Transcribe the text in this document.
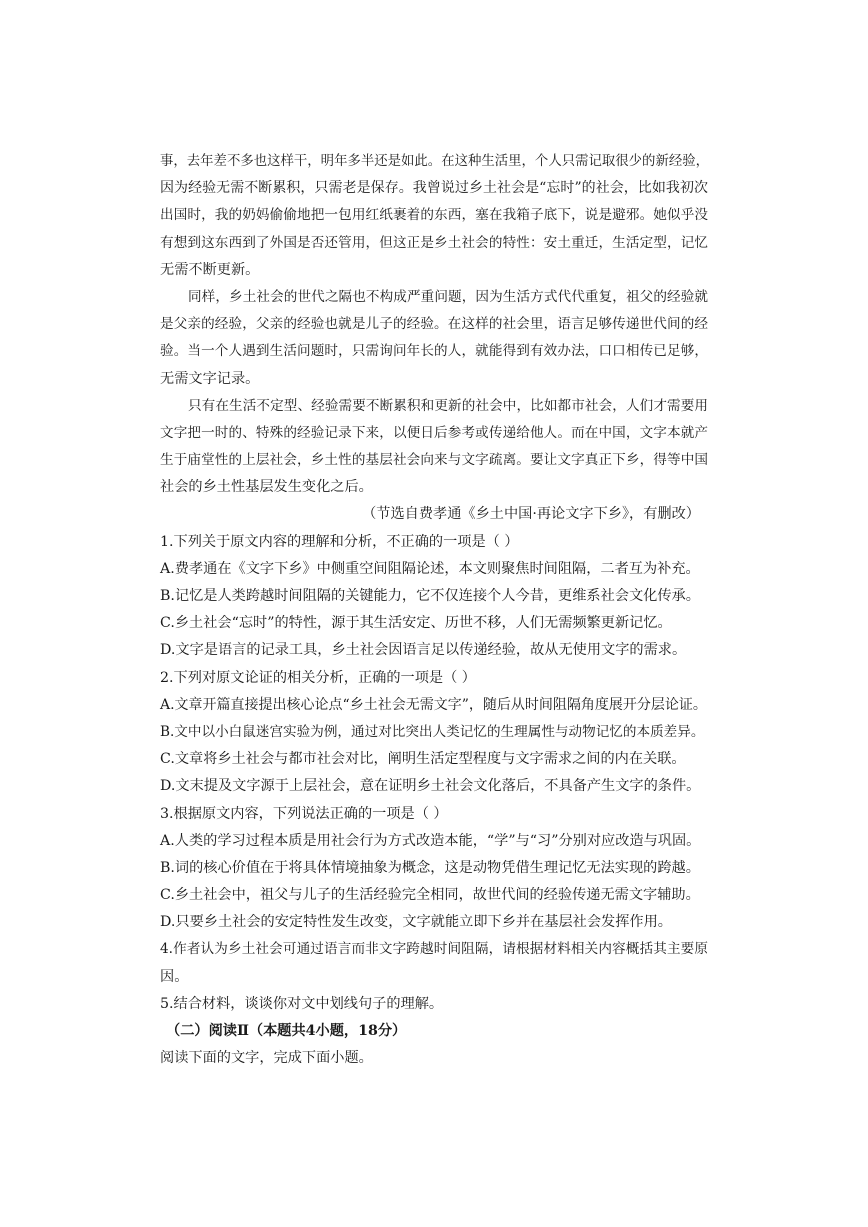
事，去年差不多也这样干，明年多半还是如此。在这种生活里，个人只需记取很少的新经验，
因为经验无需不断累积，只需老是保存。我曾说过乡土社会是“忘时”的社会，比如我初次
出国时，我的奶妈偷偷地把一包用红纸裹着的东西，塞在我箱子底下，说是避邪。她似乎没
有想到这东西到了外国是否还管用，但这正是乡土社会的特性：安土重迁，生活定型，记忆
无需不断更新。
同样，乡土社会的世代之隔也不构成严重问题，因为生活方式代代重复，祖父的经验就
是父亲的经验，父亲的经验也就是儿子的经验。在这样的社会里，语言足够传递世代间的经
验。当一个人遇到生活问题时，只需询问年长的人，就能得到有效办法，口口相传已足够，
无需文字记录。
只有在生活不定型、经验需要不断累积和更新的社会中，比如都市社会，人们才需要用
文字把一时的、特殊的经验记录下来，以便日后参考或传递给他人。而在中国，文字本就产
生于庙堂性的上层社会，乡土性的基层社会向来与文字疏离。要让文字真正下乡，得等中国
社会的乡土性基层发生变化之后。
（节选自费孝通《乡土中国·再论文字下乡》，有删改）
1.下列关于原文内容的理解和分析，不正确的一项是（ ）
A.费孝通在《文字下乡》中侧重空间阻隔论述，本文则聚焦时间阻隔，二者互为补充。
B.记忆是人类跨越时间阻隔的关键能力，它不仅连接个人今昔，更维系社会文化传承。
C.乡土社会“忘时”的特性，源于其生活安定、历世不移，人们无需频繁更新记忆。
D.文字是语言的记录工具，乡土社会因语言足以传递经验，故从无使用文字的需求。
2.下列对原文论证的相关分析，正确的一项是（ ）
A.文章开篇直接提出核心论点“乡土社会无需文字”，随后从时间阻隔角度展开分层论证。
B.文中以小白鼠迷宫实验为例，通过对比突出人类记忆的生理属性与动物记忆的本质差异。
C.文章将乡土社会与都市社会对比，阐明生活定型程度与文字需求之间的内在关联。
D.文末提及文字源于上层社会，意在证明乡土社会文化落后，不具备产生文字的条件。
3.根据原文内容，下列说法正确的一项是（ ）
A.人类的学习过程本质是用社会行为方式改造本能，“学”与“习”分别对应改造与巩固。
B.词的核心价值在于将具体情境抽象为概念，这是动物凭借生理记忆无法实现的跨越。
C.乡土社会中，祖父与儿子的生活经验完全相同，故世代间的经验传递无需文字辅助。
D.只要乡土社会的安定特性发生改变，文字就能立即下乡并在基层社会发挥作用。
4.作者认为乡土社会可通过语言而非文字跨越时间阻隔，请根据材料相关内容概括其主要原
因。
5.结合材料，谈谈你对文中划线句子的理解。
（二）阅读Ⅱ（本题共4小题，18分）
阅读下面的文字，完成下面小题。
